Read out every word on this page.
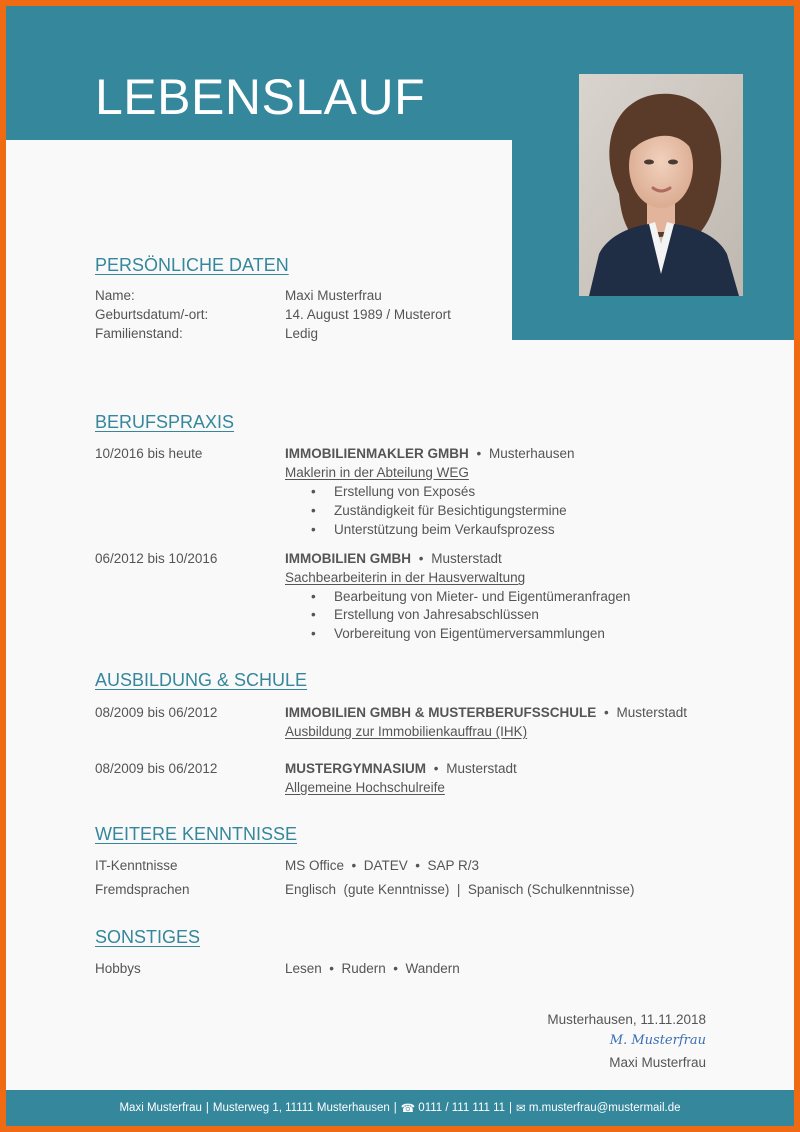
LEBENSLAUF
PERSÖNLICHE DATEN
Name:	Maxi Musterfrau
Geburtsdatum/-ort:	14. August 1989 / Musterort
Familienstand:	Ledig
BERUFSPRAXIS
10/2016 bis heute	IMMOBILIENMAKLER GMBH • Musterhausen
Maklerin in der Abteilung WEG
• Erstellung von Exposés
• Zuständigkeit für Besichtigungstermine
• Unterstützung beim Verkaufsprozess
06/2012 bis 10/2016	IMMOBILIEN GMBH • Musterstadt
Sachbearbeiterin in der Hausverwaltung
• Bearbeitung von Mieter- und Eigentümeranfragen
• Erstellung von Jahresabschlüssen
• Vorbereitung von Eigentümerversammlungen
AUSBILDUNG & SCHULE
08/2009 bis 06/2012	IMMOBILIEN GMBH & MUSTERBERUFSSCHULE • Musterstadt
Ausbildung zur Immobilienkauffrau (IHK)
08/2009 bis 06/2012	MUSTERGYMNASIUM • Musterstadt
Allgemeine Hochschulreife
WEITERE KENNTNISSE
IT-Kenntnisse	MS Office  •  DATEV  •  SAP R/3
Fremdsprachen	Englisch  (gute Kenntnisse)  |  Spanisch (Schulkenntnisse)
SONSTIGES
Hobbys	Lesen  •  Rudern  •  Wandern
Musterhausen, 11.11.2018
M. Musterfrau
Maxi Musterfrau
Maxi Musterfrau | Musterweg 1, 11111 Musterhausen | ☎ 0111 / 111 111 11 | ✉ m.musterfrau@mustermail.de
